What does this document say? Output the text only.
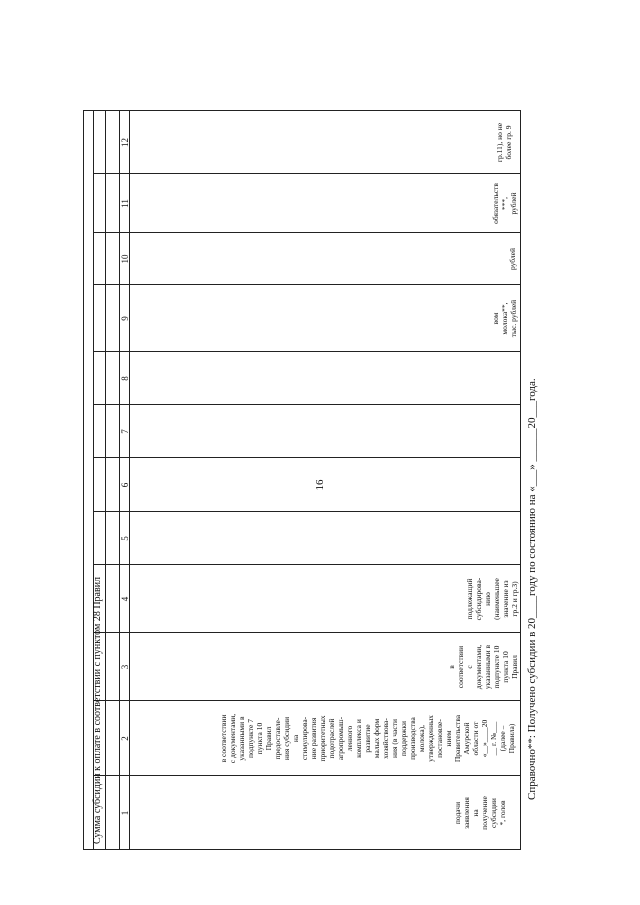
16
подачи заявления на получение субсидии *, голов
в соответствии с документами, указанными в подпункте 7 пункта 10 Правил предоставле- ния субсидии на стимулирова- ние развития приоритетных подотраслей агропромыш- ленного комплекса и развитие малых форм хозяйствова- ния (в части поддержки производства молока), утвержденных постановле- нием Правительства Амурской области от «__»____20 __ г. №___ (далее – Правила)
в соответствии с документами, указанными в подпункте 10 пункта 10 Правил
подлежащий субсидирова- нию (наименьшее значение из гр.2 и гр.3)
вом молока**, тыс. рублей
рублей
обязательств ***, рублей
гр.11), но не более гр. 9
1
2
3
4
5
6
7
8
9
10
11
12
Сумма субсидии к оплате в соответствии с пунктом 28 Правил	Справочно**: Получено субсидии в 20____году по состоянию на «___» ______20___года.
